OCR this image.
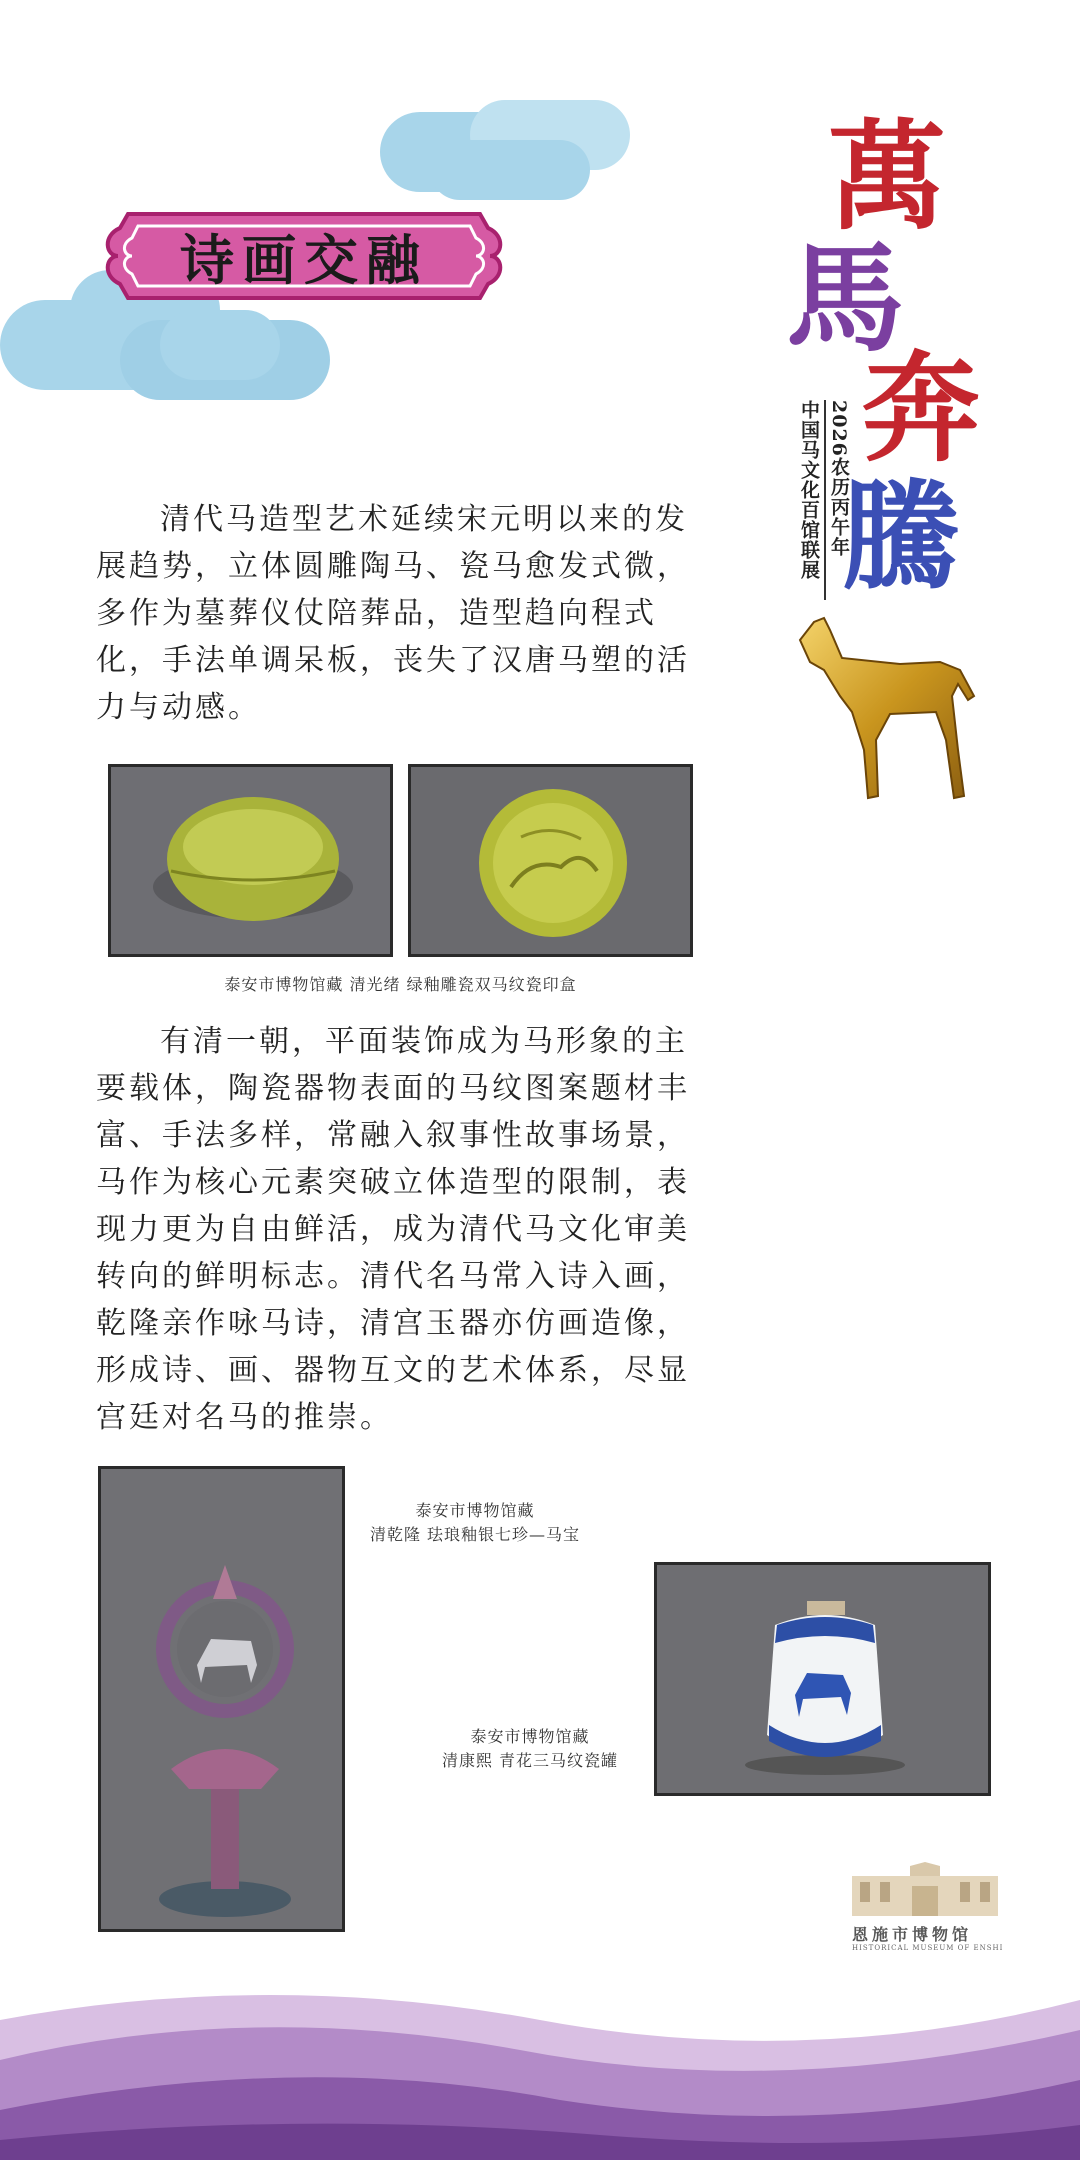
诗画交融
萬
馬
奔
騰
2026农历丙午年
中国马文化百馆联展
清代马造型艺术延续宋元明以来的发展趋势，立体圆雕陶马、瓷马愈发式微，多作为墓葬仪仗陪葬品，造型趋向程式化，手法单调呆板，丧失了汉唐马塑的活力与动感。
泰安市博物馆藏 清光绪 绿釉雕瓷双马纹瓷印盒
有清一朝，平面装饰成为马形象的主要载体，陶瓷器物表面的马纹图案题材丰富、手法多样，常融入叙事性故事场景，马作为核心元素突破立体造型的限制，表现力更为自由鲜活，成为清代马文化审美转向的鲜明标志。清代名马常入诗入画，乾隆亲作咏马诗，清宫玉器亦仿画造像，形成诗、画、器物互文的艺术体系，尽显宫廷对名马的推崇。
泰安市博物馆藏
清乾隆 珐琅釉银七珍—马宝
泰安市博物馆藏
清康熙 青花三马纹瓷罐
恩施市博物馆
HISTORICAL MUSEUM OF ENSHI
